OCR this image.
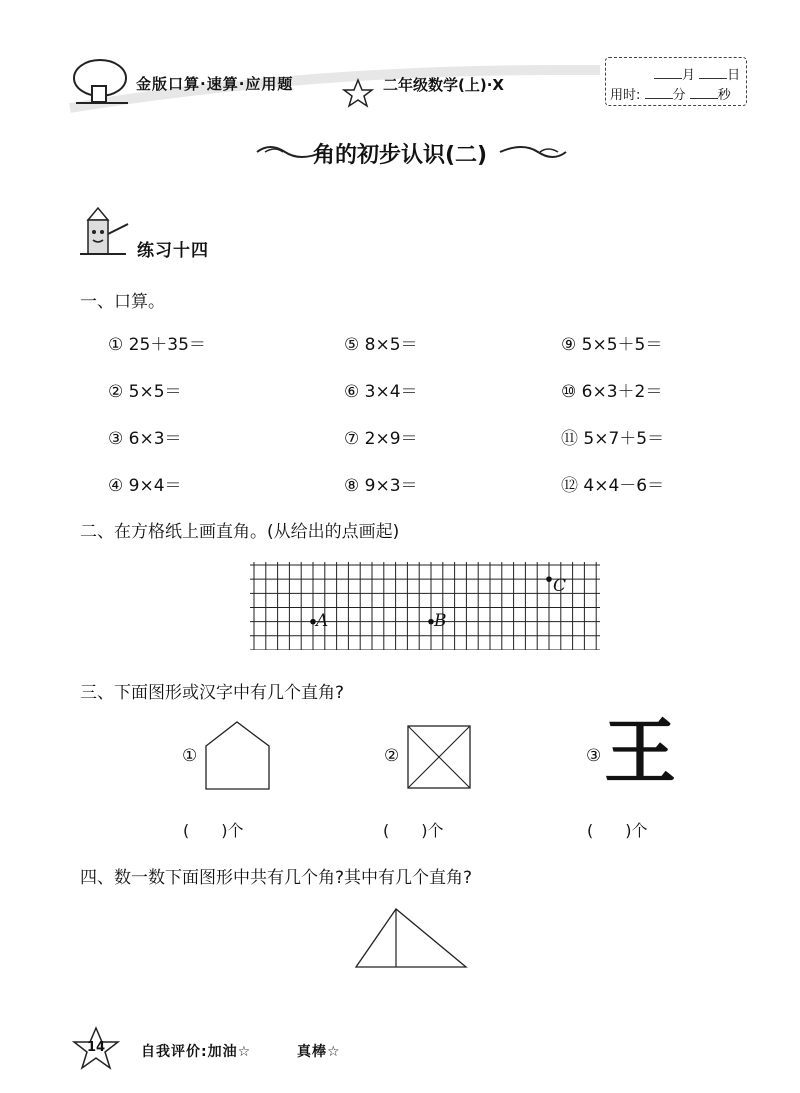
金版口算·速算·应用题	二年级数学(上)·X
月 日
用时: 分 秒
角的初步认识(二)
练习十四
一、口算。
① 25＋35＝	⑤ 8×5＝	⑨ 5×5＋5＝
② 5×5＝	⑥ 3×4＝	⑩ 6×3＋2＝
③ 6×3＝	⑦ 2×9＝	⑪ 5×7＋5＝
④ 9×4＝	⑧ 9×3＝	⑫ 4×4－6＝
二、在方格纸上画直角。(从给出的点画起)
A	B
C
三、下面图形或汉字中有几个直角?
①	②	③ 王
(　　)个	(　　)个	(　　)个
四、数一数下面图形中共有几个角?其中有几个直角?
14	自我评价:加油☆	真棒☆
